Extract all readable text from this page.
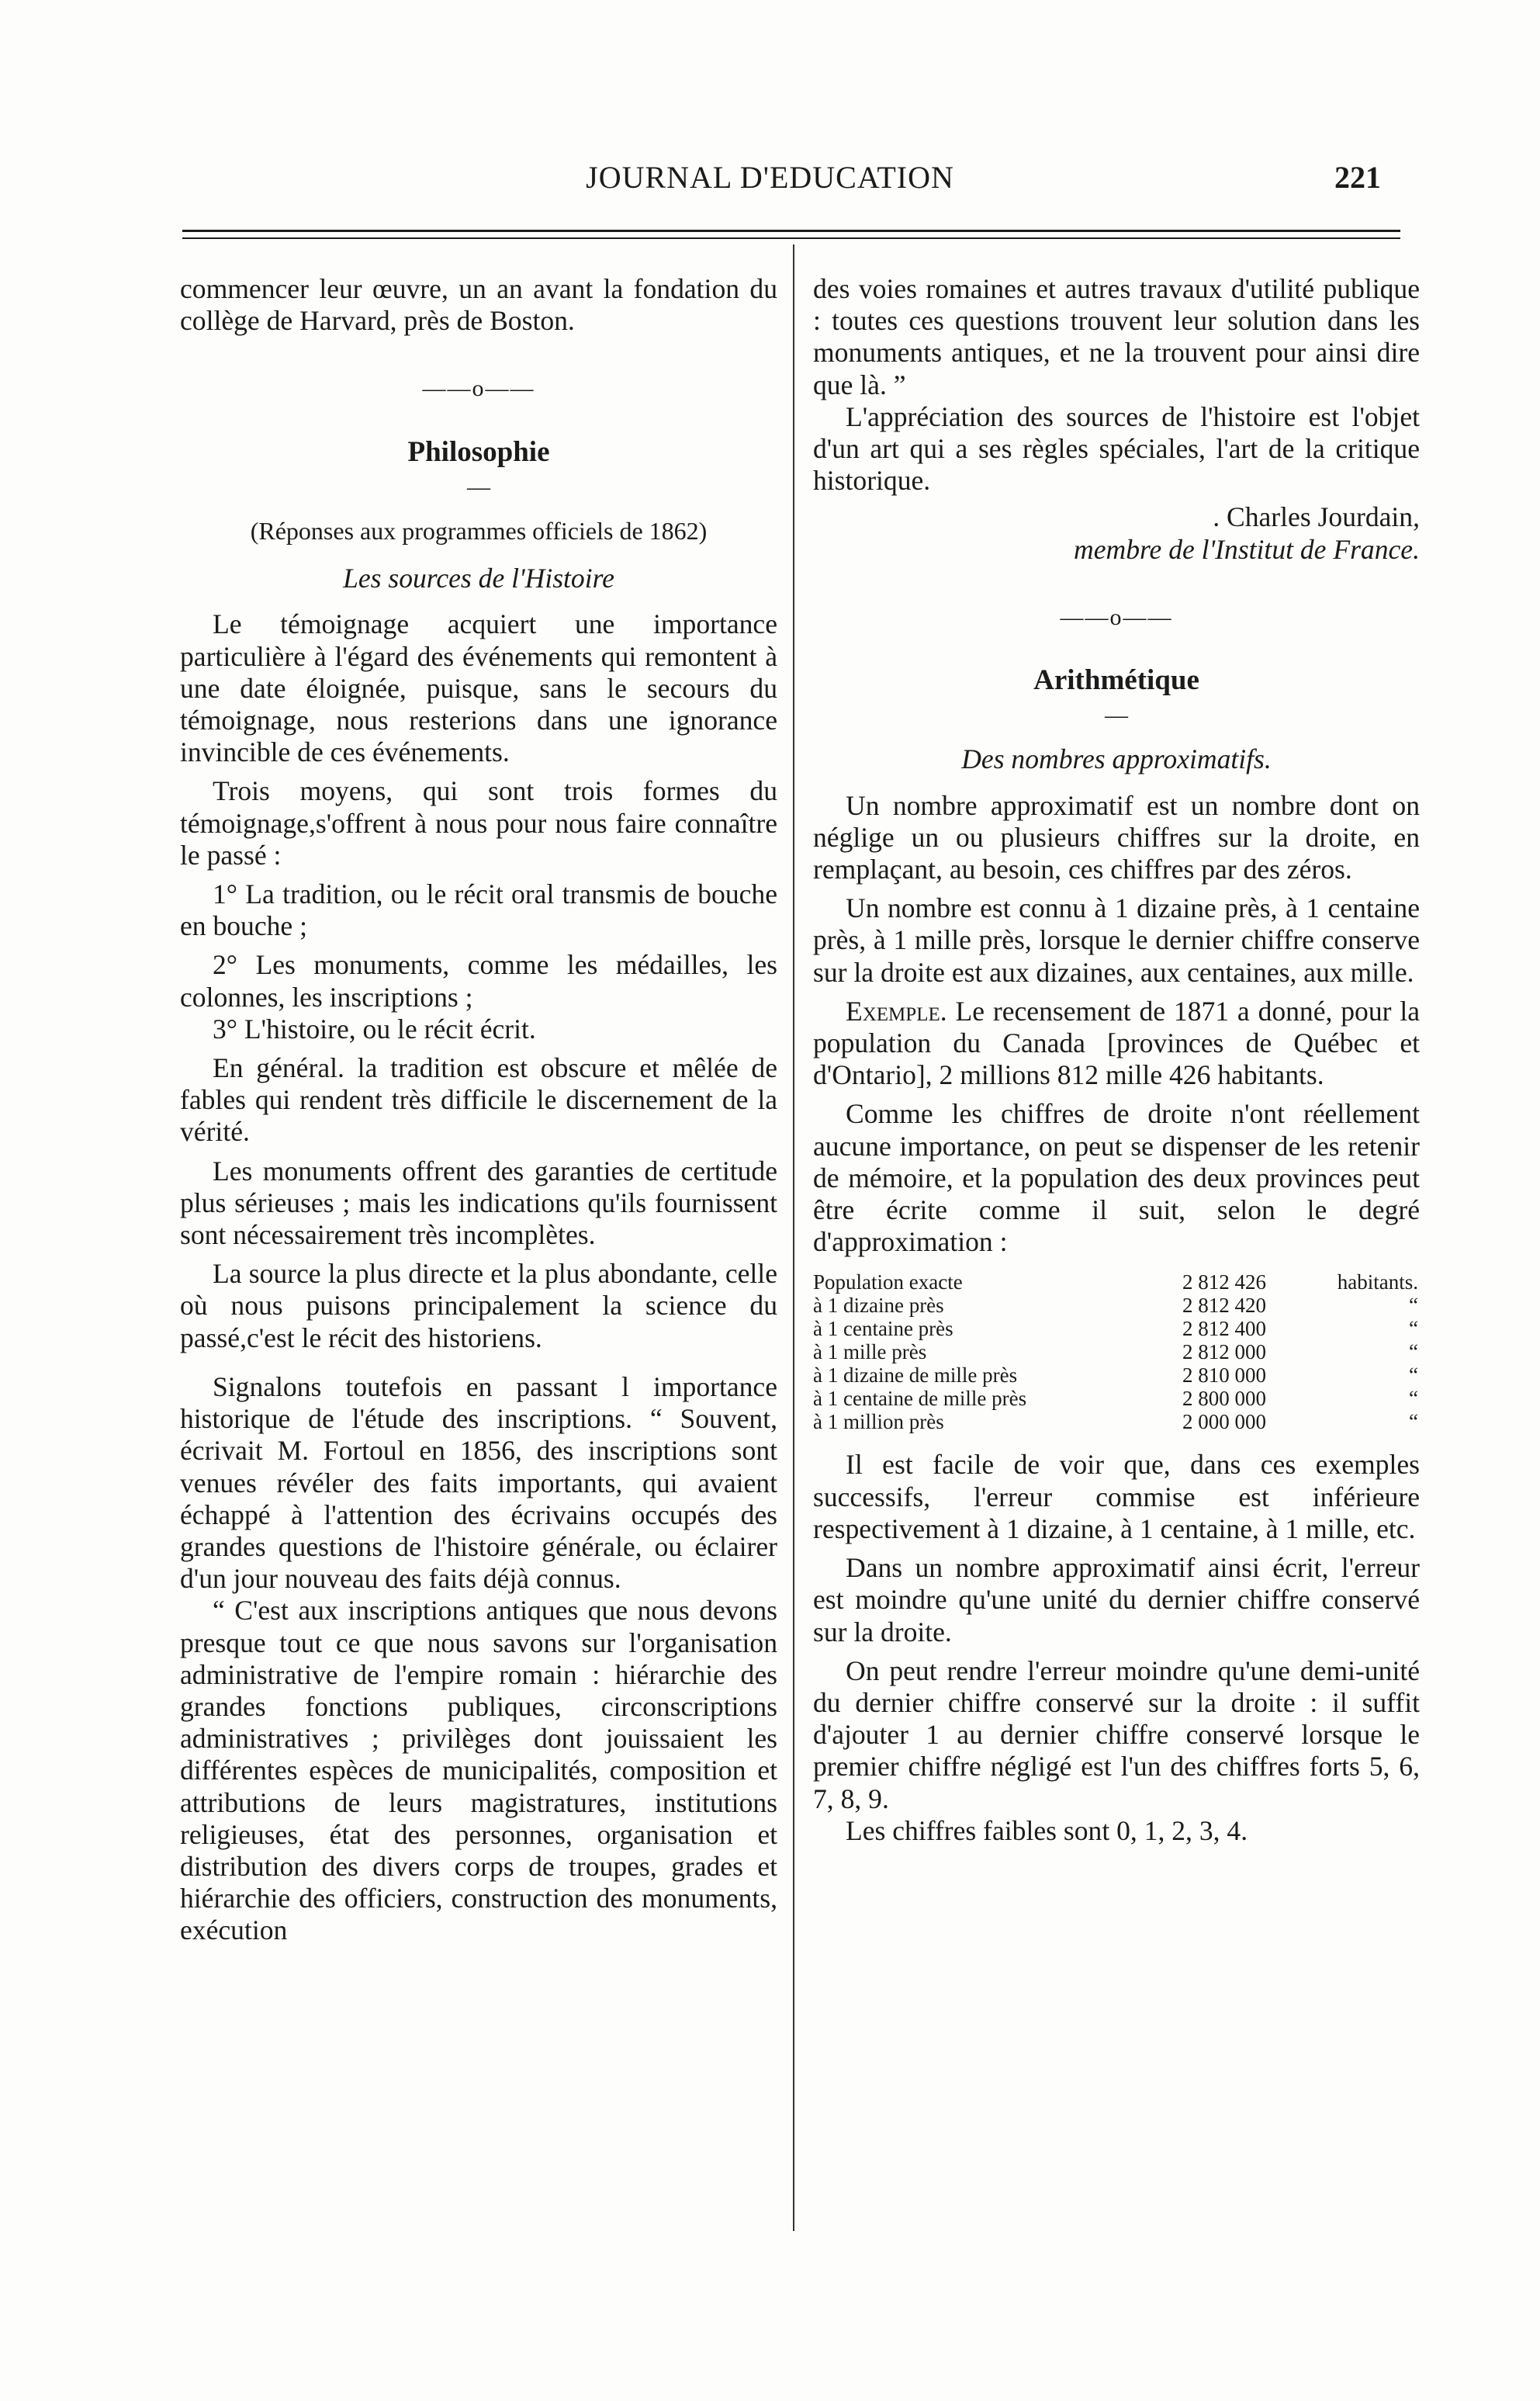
JOURNAL D'EDUCATION	221

commencer leur œuvre, un an avant la fondation du collège de Harvard, près de Boston.

——o——

Philosophie

—

(Réponses aux programmes officiels de 1862)

Les sources de l'Histoire

Le témoignage acquiert une importance particulière à l'égard des événements qui remontent à une date éloignée, puisque, sans le secours du témoignage, nous resterions dans une ignorance invincible de ces événements.

Trois moyens, qui sont trois formes du témoignage,s'offrent à nous pour nous faire connaître le passé :

1° La tradition, ou le récit oral transmis de bouche en bouche ;

2° Les monuments, comme les médailles, les colonnes, les inscriptions ;

3° L'histoire, ou le récit écrit.

En général. la tradition est obscure et mêlée de fables qui rendent très difficile le discernement de la vérité.

Les monuments offrent des garanties de certitude plus sérieuses ; mais les indications qu'ils fournissent sont nécessairement très incomplètes.

La source la plus directe et la plus abondante, celle où nous puisons principalement la science du passé,c'est le récit des historiens.

Signalons toutefois en passant l importance historique de l'étude des inscriptions. “ Souvent, écrivait M. Fortoul en 1856, des inscriptions sont venues révéler des faits importants, qui avaient échappé à l'attention des écrivains occupés des grandes questions de l'histoire générale, ou éclairer d'un jour nouveau des faits déjà connus.

“ C'est aux inscriptions antiques que nous devons presque tout ce que nous savons sur l'organisation administrative de l'empire romain : hiérarchie des grandes fonctions publiques, circonscriptions administratives ; privilèges dont jouissaient les différentes espèces de municipalités, composition et attributions de leurs magistratures, institutions religieuses, état des personnes, organisation et distribution des divers corps de troupes, grades et hiérarchie des officiers, construction des monuments, exécution

des voies romaines et autres travaux d'utilité publique : toutes ces questions trouvent leur solution dans les monuments antiques, et ne la trouvent pour ainsi dire que là. ”

L'appréciation des sources de l'histoire est l'objet d'un art qui a ses règles spéciales, l'art de la critique historique.

. Charles Jourdain,

membre de l'Institut de France.

——o——

Arithmétique

—

Des nombres approximatifs.

Un nombre approximatif est un nombre dont on néglige un ou plusieurs chiffres sur la droite, en remplaçant, au besoin, ces chiffres par des zéros.

Un nombre est connu à 1 dizaine près, à 1 centaine près, à 1 mille près, lorsque le dernier chiffre conserve sur la droite est aux dizaines, aux centaines, aux mille.

Exemple. Le recensement de 1871 a donné, pour la population du Canada [provinces de Québec et d'Ontario], 2 millions 812 mille 426 habitants.

Comme les chiffres de droite n'ont réellement aucune importance, on peut se dispenser de les retenir de mémoire, et la population des deux provinces peut être écrite comme il suit, selon le degré d'approximation :

Population exacte	2 812 426	habitants.
à 1 dizaine près	2 812 420	“
à 1 centaine près	2 812 400	“
à 1 mille près	2 812 000	“
à 1 dizaine de mille près	2 810 000	“
à 1 centaine de mille près	2 800 000	“
à 1 million près	2 000 000	“

Il est facile de voir que, dans ces exemples successifs, l'erreur commise est inférieure respectivement à 1 dizaine, à 1 centaine, à 1 mille, etc.

Dans un nombre approximatif ainsi écrit, l'erreur est moindre qu'une unité du dernier chiffre conservé sur la droite.

On peut rendre l'erreur moindre qu'une demi-unité du dernier chiffre conservé sur la droite : il suffit d'ajouter 1 au dernier chiffre conservé lorsque le premier chiffre négligé est l'un des chiffres forts 5, 6, 7, 8, 9.

Les chiffres faibles sont 0, 1, 2, 3, 4.
